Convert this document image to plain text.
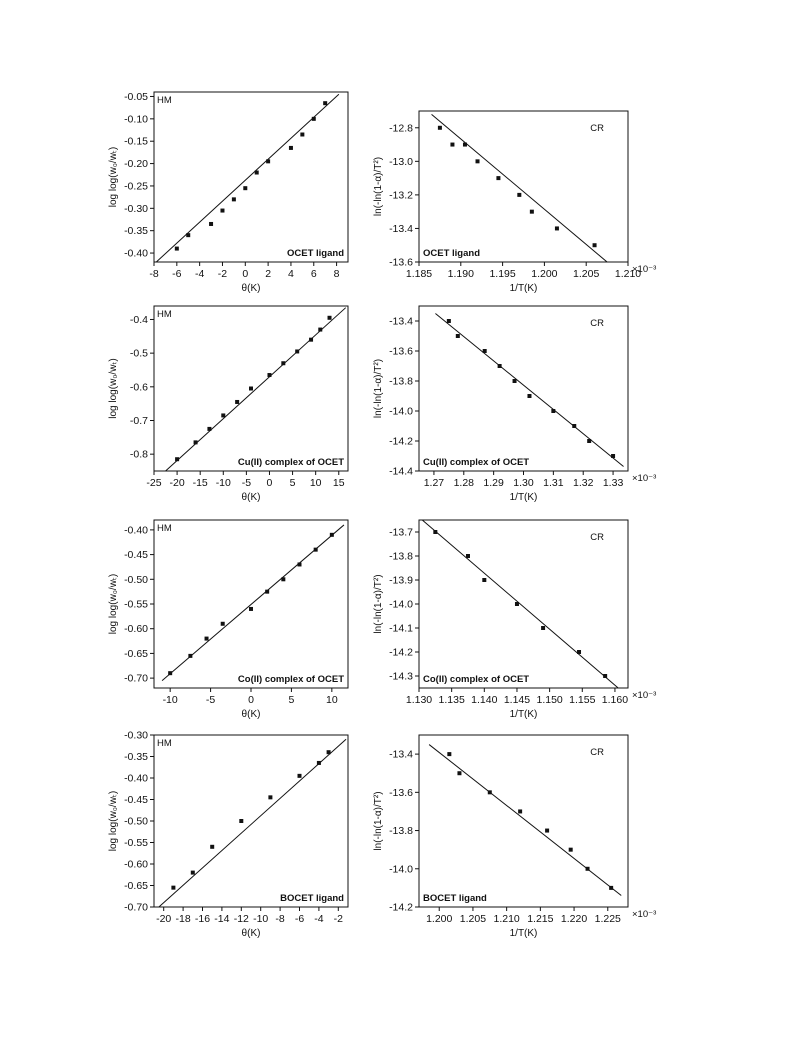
-8 -6 -4 -2 0 2 4 6 8
-0.40
-0.35
-0.30
-0.25
-0.20
-0.15
-0.10
-0.05
θ(K)
log log(w₀/wₜ)
HM
OCET ligand
1.185 1.190 1.195 1.200 1.205 1.210
-13.6
-13.4
-13.2
-13.0
-12.8
1/T(K)
ln(-ln(1-α)/T²)
×10⁻³
CR
OCET ligand
-25 -20 -15 -10 -5 0 5 10 15
-0.8
-0.7
-0.6
-0.5
-0.4
θ(K)
log log(w₀/wₜ)
HM
Cu(II) complex of OCET
1.27 1.28 1.29 1.30 1.31 1.32 1.33
-14.4
-14.2
-14.0
-13.8
-13.6
-13.4
1/T(K)
ln(-ln(1-α)/T²)
×10⁻³
CR
Cu(II) complex of OCET
-10	-5	0	5	10
-0.70
-0.65
-0.60
-0.55
-0.50
-0.45
-0.40
θ(K)
log log(w₀/wₜ)
HM
Co(II) complex of OCET
1.130 1.135 1.140 1.145 1.150 1.155 1.160
-14.3
-14.2
-14.1
-14.0
-13.9
-13.8
-13.7
1/T(K)
ln(-ln(1-α)/T²)
×10⁻³
CR
Co(II) complex of OCET
-20 -18 -16 -14 -12 -10 -8 -6 -4 -2
-0.70
-0.65
-0.60
-0.55
-0.50
-0.45
-0.40
-0.35
-0.30
θ(K)
log log(w₀/wₜ)
HM
BOCET ligand
1.200 1.205 1.210 1.215 1.220 1.225
-14.2
-14.0
-13.8
-13.6
-13.4
1/T(K)
ln(-ln(1-α)/T²)
×10⁻³
CR
BOCET ligand
